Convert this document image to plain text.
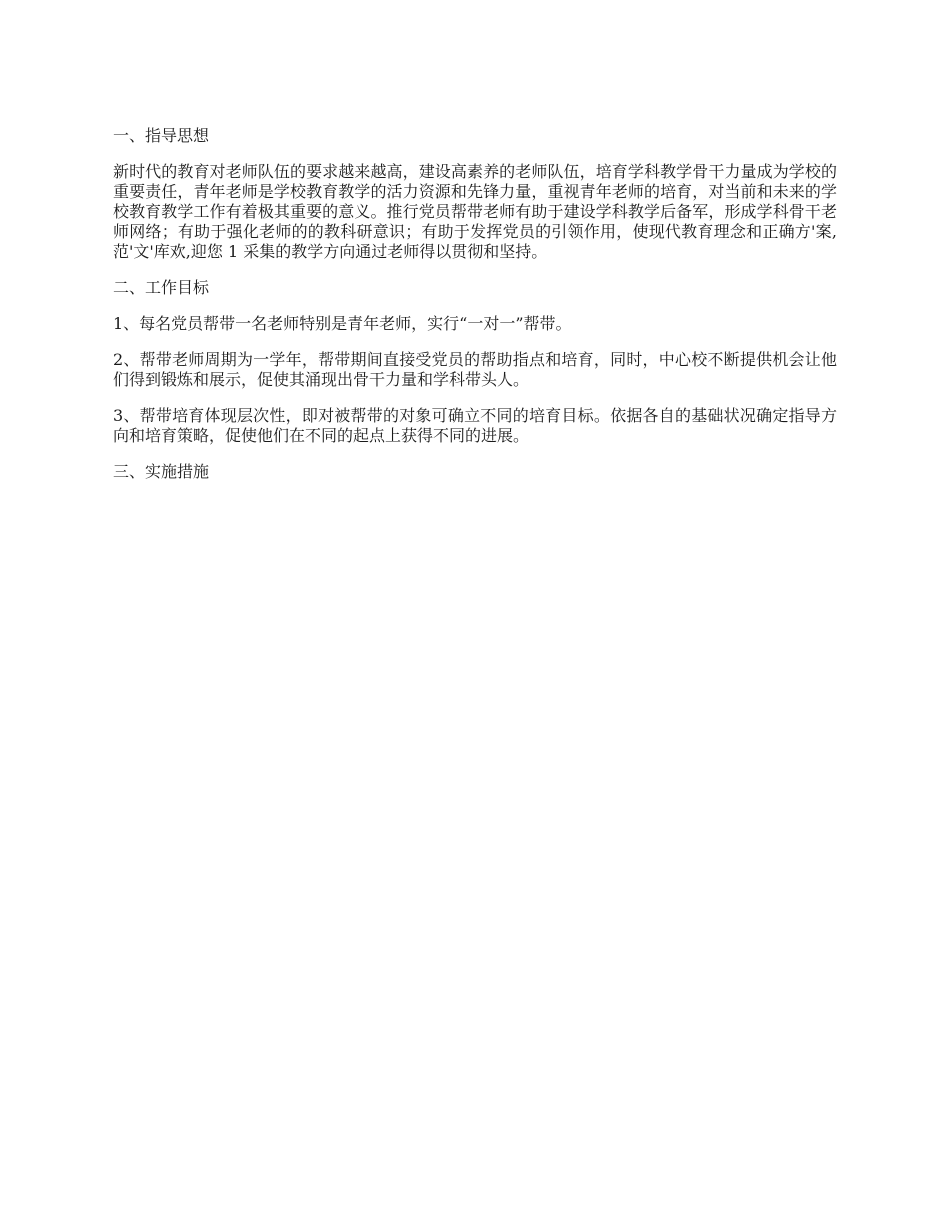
一、指导思想
新时代的教育对老师队伍的要求越来越高，建设高素养的老师队伍，培育学科教学骨干力量成为学校的重要责任，青年老师是学校教育教学的活力资源和先锋力量，重视青年老师的培育，对当前和未来的学校教育教学工作有着极其重要的意义。推行党员帮带老师有助于建设学科教学后备军，形成学科骨干老师网络；有助于强化老师的的教科研意识；有助于发挥党员的引领作用，使现代教育理念和正确方'案,范'文'库欢,迎您 1 采集的教学方向通过老师得以贯彻和坚持。
二、工作目标
1、每名党员帮带一名老师特别是青年老师，实行“一对一”帮带。
2、帮带老师周期为一学年，帮带期间直接受党员的帮助指点和培育，同时，中心校不断提供机会让他们得到锻炼和展示，促使其涌现出骨干力量和学科带头人。
3、帮带培育体现层次性，即对被帮带的对象可确立不同的培育目标。依据各自的基础状况确定指导方向和培育策略，促使他们在不同的起点上获得不同的进展。
三、实施措施
